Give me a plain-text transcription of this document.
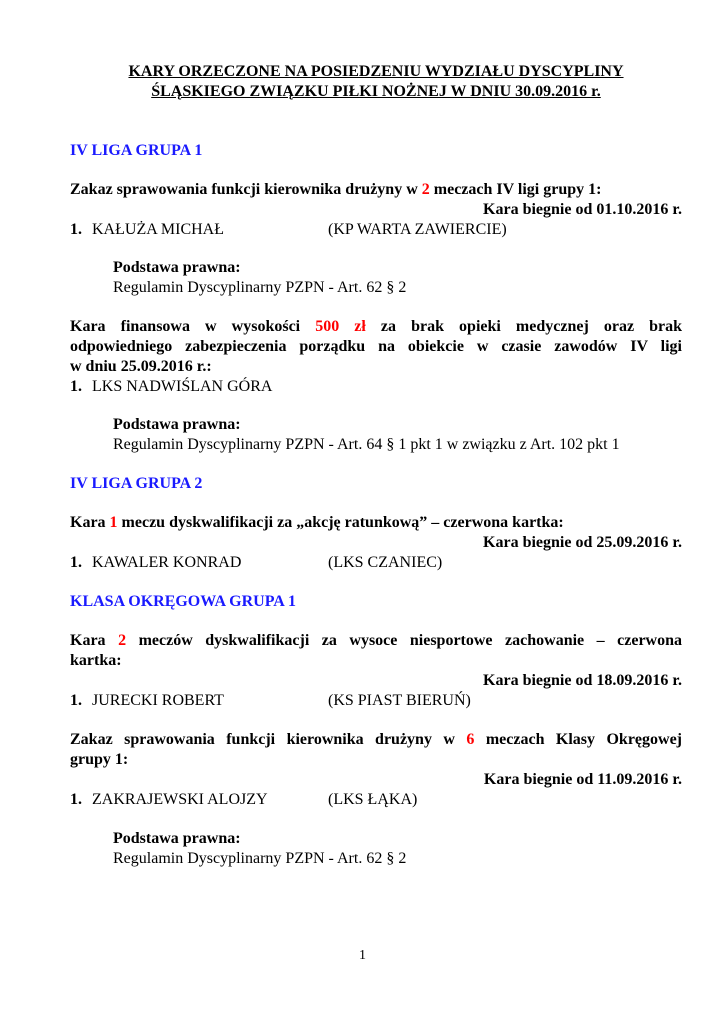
KARY ORZECZONE NA POSIEDZENIU WYDZIAŁU DYSCYPLINY
ŚLĄSKIEGO ZWIĄZKU PIŁKI NOŻNEJ W DNIU 30.09.2016 r.
IV LIGA GRUPA 1
Zakaz sprawowania funkcji kierownika drużyny w 2 meczach IV ligi grupy 1:
Kara biegnie od 01.10.2016 r.
1. KAŁUŻA MICHAŁ	(KP WARTA ZAWIERCIE)
Podstawa prawna:
Regulamin Dyscyplinarny PZPN - Art. 62 § 2
Kara finansowa w wysokości 500 zł za brak opieki medycznej oraz brak
odpowiedniego zabezpieczenia porządku na obiekcie w czasie zawodów IV ligi
w dniu 25.09.2016 r.:
1. LKS NADWIŚLAN GÓRA
Podstawa prawna:
Regulamin Dyscyplinarny PZPN - Art. 64 § 1 pkt 1 w związku z Art. 102 pkt 1
IV LIGA GRUPA 2
Kara 1 meczu dyskwalifikacji za „akcję ratunkową” – czerwona kartka:
Kara biegnie od 25.09.2016 r.
1. KAWALER KONRAD	(LKS CZANIEC)
KLASA OKRĘGOWA GRUPA 1
Kara 2 meczów dyskwalifikacji za wysoce niesportowe zachowanie – czerwona
kartka:
Kara biegnie od 18.09.2016 r.
1. JURECKI ROBERT	(KS PIAST BIERUŃ)
Zakaz sprawowania funkcji kierownika drużyny w 6 meczach Klasy Okręgowej
grupy 1:
Kara biegnie od 11.09.2016 r.
1. ZAKRAJEWSKI ALOJZY	(LKS ŁĄKA)
Podstawa prawna:
Regulamin Dyscyplinarny PZPN - Art. 62 § 2
1
